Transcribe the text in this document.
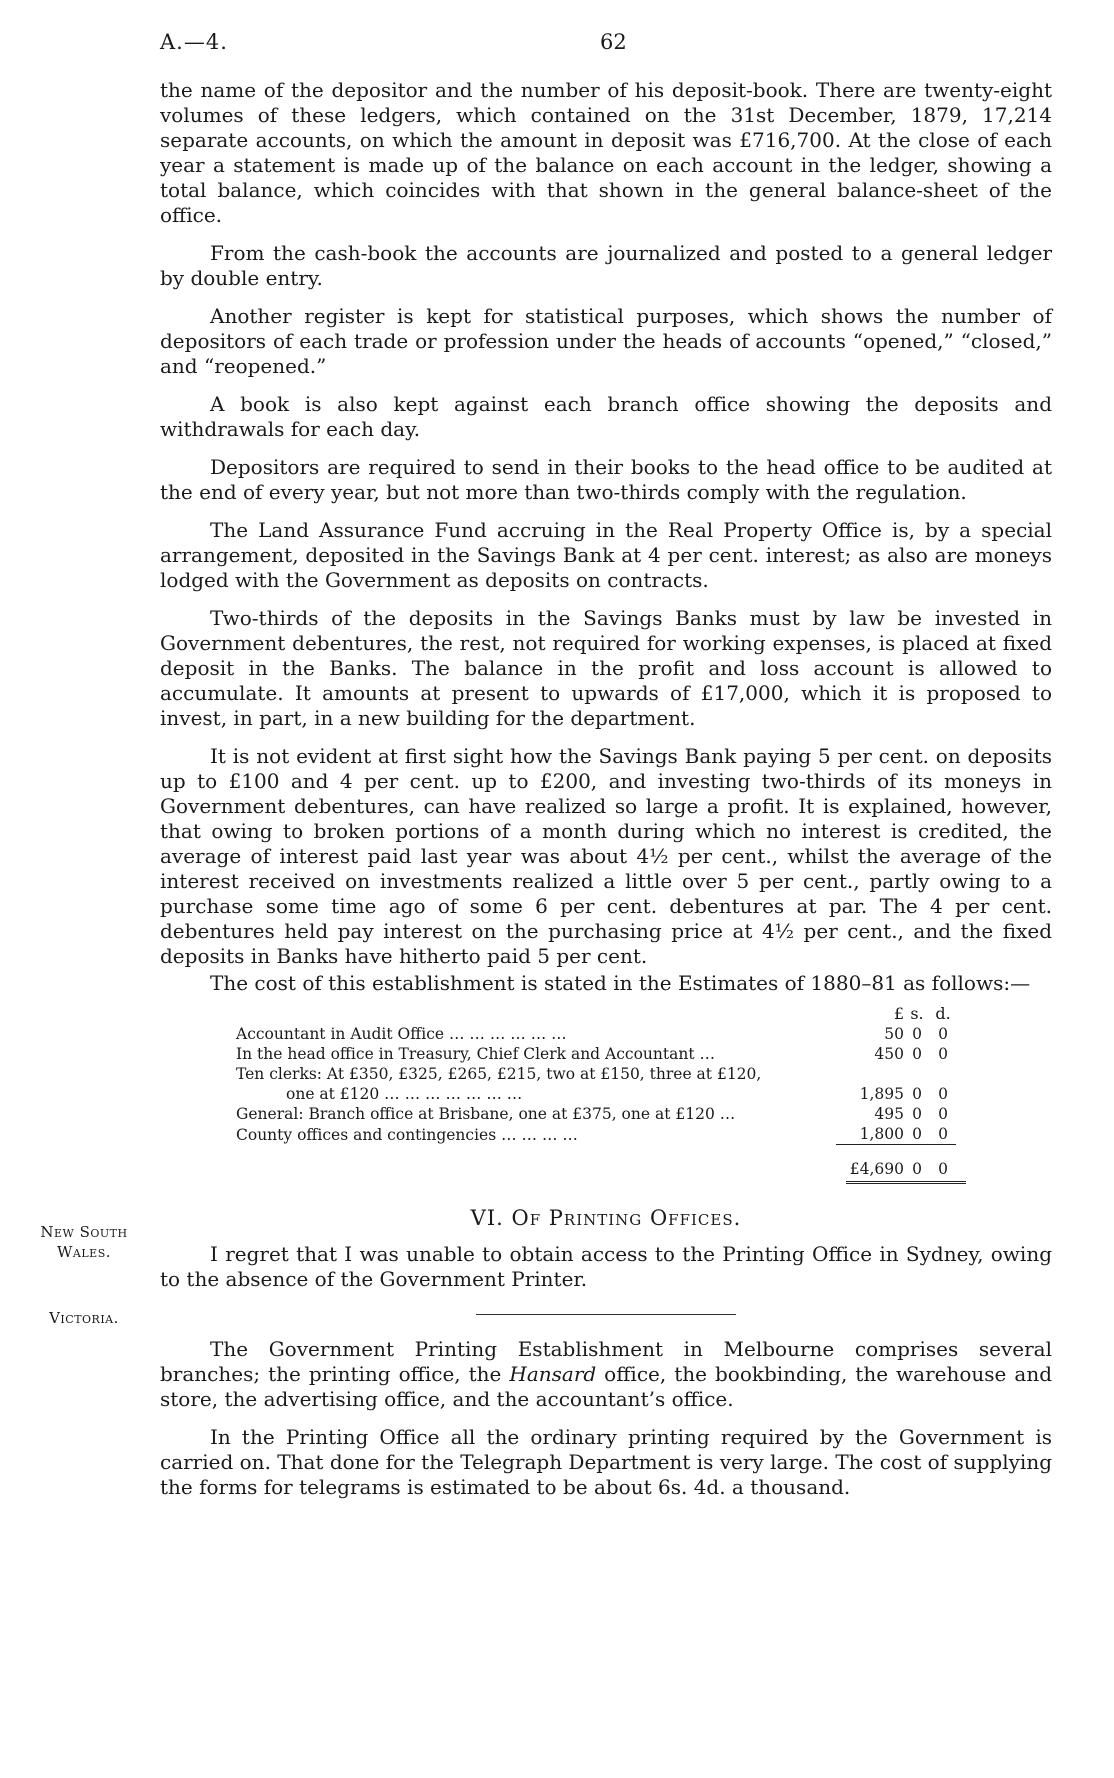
A.—4.	62

the name of the depositor and the number of his deposit-book. There are twenty-eight volumes of these ledgers, which contained on the 31st December, 1879, 17,214 separate accounts, on which the amount in deposit was £716,700. At the close of each year a statement is made up of the balance on each account in the ledger, showing a total balance, which coincides with that shown in the general balance-sheet of the office.

From the cash-book the accounts are journalized and posted to a general ledger by double entry.

Another register is kept for statistical purposes, which shows the number of depositors of each trade or profession under the heads of accounts “opened,” “closed,” and “reopened.”

A book is also kept against each branch office showing the deposits and withdrawals for each day.

Depositors are required to send in their books to the head office to be audited at the end of every year, but not more than two-thirds comply with the regulation.

The Land Assurance Fund accruing in the Real Property Office is, by a special arrangement, deposited in the Savings Bank at 4 per cent. interest; as also are moneys lodged with the Government as deposits on contracts.

Two-thirds of the deposits in the Savings Banks must by law be invested in Government debentures, the rest, not required for working expenses, is placed at fixed deposit in the Banks. The balance in the profit and loss account is allowed to accumulate. It amounts at present to upwards of £17,000, which it is proposed to invest, in part, in a new building for the department.

It is not evident at first sight how the Savings Bank paying 5 per cent. on deposits up to £100 and 4 per cent. up to £200, and investing two-thirds of its moneys in Government debentures, can have realized so large a profit. It is explained, however, that owing to broken portions of a month during which no interest is credited, the average of interest paid last year was about 4½ per cent., whilst the average of the interest received on investments realized a little over 5 per cent., partly owing to a purchase some time ago of some 6 per cent. debentures at par. The 4 per cent. debentures held pay interest on the purchasing price at 4½ per cent., and the fixed deposits in Banks have hitherto paid 5 per cent.

The cost of this establishment is stated in the Estimates of 1880–81 as follows:—

	£	s.	d.
Accountant in Audit Office … … … … … …	50	0	0
In the head office in Treasury, Chief Clerk and Accountant …	450	0	0

Ten clerks: At £350, £325, £265, £215, two at £150, three at £120,
one at £120 … … … … … … …	1,895	0	0
General: Branch office at Brisbane, one at £375, one at £120 …	495	0	0
County offices and contingencies … … … …	1,800	0	0
	£4,690	0	0
VI. Of Printing Offices.

I regret that I was unable to obtain access to the Printing Office in Sydney, owing to the absence of the Government Printer.

The Government Printing Establishment in Melbourne comprises several branches; the printing office, the Hansard office, the bookbinding, the warehouse and store, the advertising office, and the accountant’s office.

In the Printing Office all the ordinary printing required by the Government is carried on. That done for the Telegraph Department is very large. The cost of supplying the forms for telegrams is estimated to be about 6s. 4d. a thousand.

New South
Wales.
Victoria.
